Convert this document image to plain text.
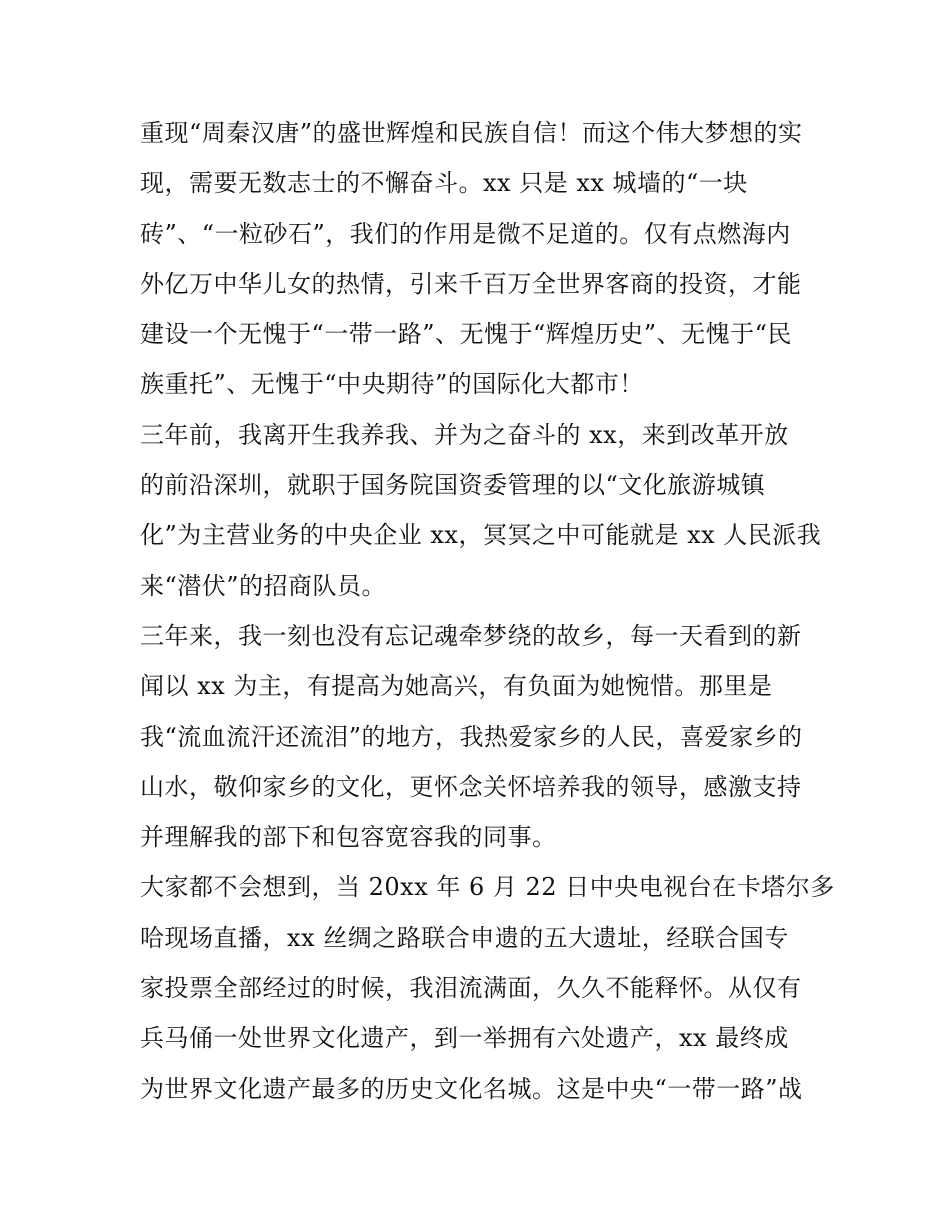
重现“周秦汉唐”的盛世辉煌和民族自信！而这个伟大梦想的实
现，需要无数志士的不懈奋斗。xx 只是 xx 城墙的“一块
砖”、“一粒砂石”，我们的作用是微不足道的。仅有点燃海内
外亿万中华儿女的热情，引来千百万全世界客商的投资，才能
建设一个无愧于“一带一路”、无愧于“辉煌历史”、无愧于“民
族重托”、无愧于“中央期待”的国际化大都市！
三年前，我离开生我养我、并为之奋斗的 xx，来到改革开放
的前沿深圳，就职于国务院国资委管理的以“文化旅游城镇
化”为主营业务的中央企业 xx，冥冥之中可能就是 xx 人民派我
来“潜伏”的招商队员。
三年来，我一刻也没有忘记魂牵梦绕的故乡，每一天看到的新
闻以 xx 为主，有提高为她高兴，有负面为她惋惜。那里是
我“流血流汗还流泪”的地方，我热爱家乡的人民，喜爱家乡的
山水，敬仰家乡的文化，更怀念关怀培养我的领导，感激支持
并理解我的部下和包容宽容我的同事。
大家都不会想到，当 20xx 年 6 月 22 日中央电视台在卡塔尔多
哈现场直播，xx 丝绸之路联合申遗的五大遗址，经联合国专
家投票全部经过的时候，我泪流满面，久久不能释怀。从仅有
兵马俑一处世界文化遗产，到一举拥有六处遗产，xx 最终成
为世界文化遗产最多的历史文化名城。这是中央“一带一路”战
